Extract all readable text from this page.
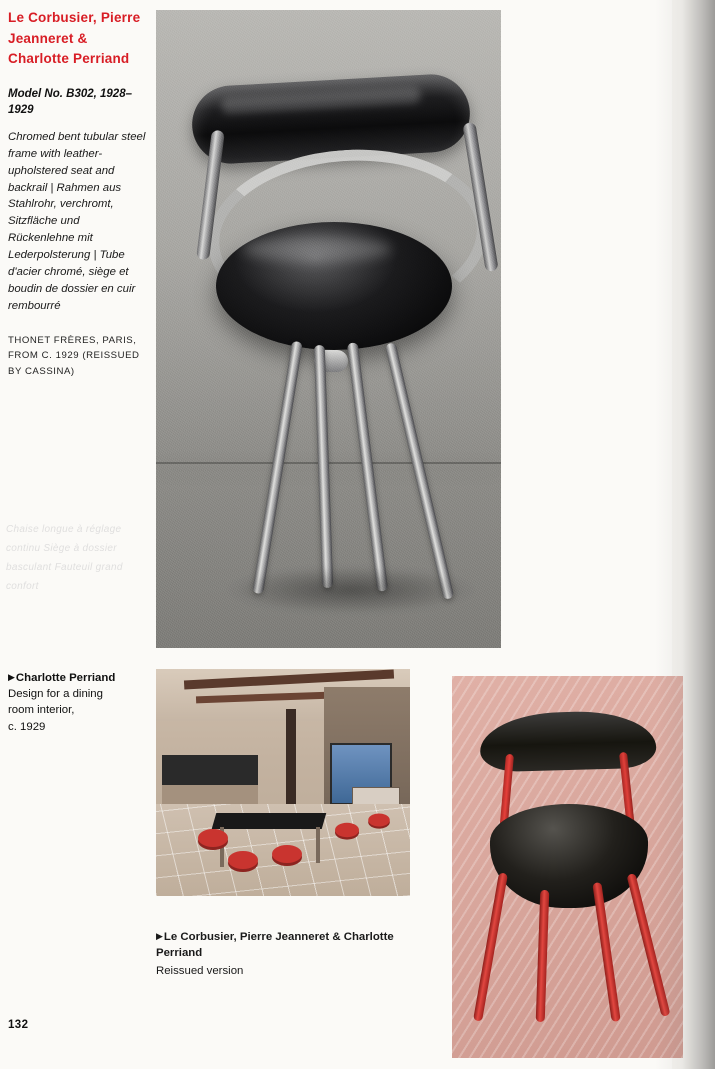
Le Corbusier, Pierre Jeanneret & Charlotte Perriand
Model No. B302, 1928–1929
Chromed bent tubular steel frame with leather-upholstered seat and backrail | Rahmen aus Stahlrohr, verchromt, Sitzfläche und Rückenlehne mit Lederpolsterung | Tube d'acier chromé, siège et boudin de dossier en cuir rembourré
THONET FRÈRES, PARIS, FROM C. 1929 (REISSUED BY CASSINA)
Chaise longue à réglage continu Siège à dossier basculant Fauteuil grand confort
▶Charlotte Perriand
Design for a dining
room interior,
c. 1929
▶Le Corbusier, Pierre Jeanneret & Charlotte Perriand
Reissued version
132
